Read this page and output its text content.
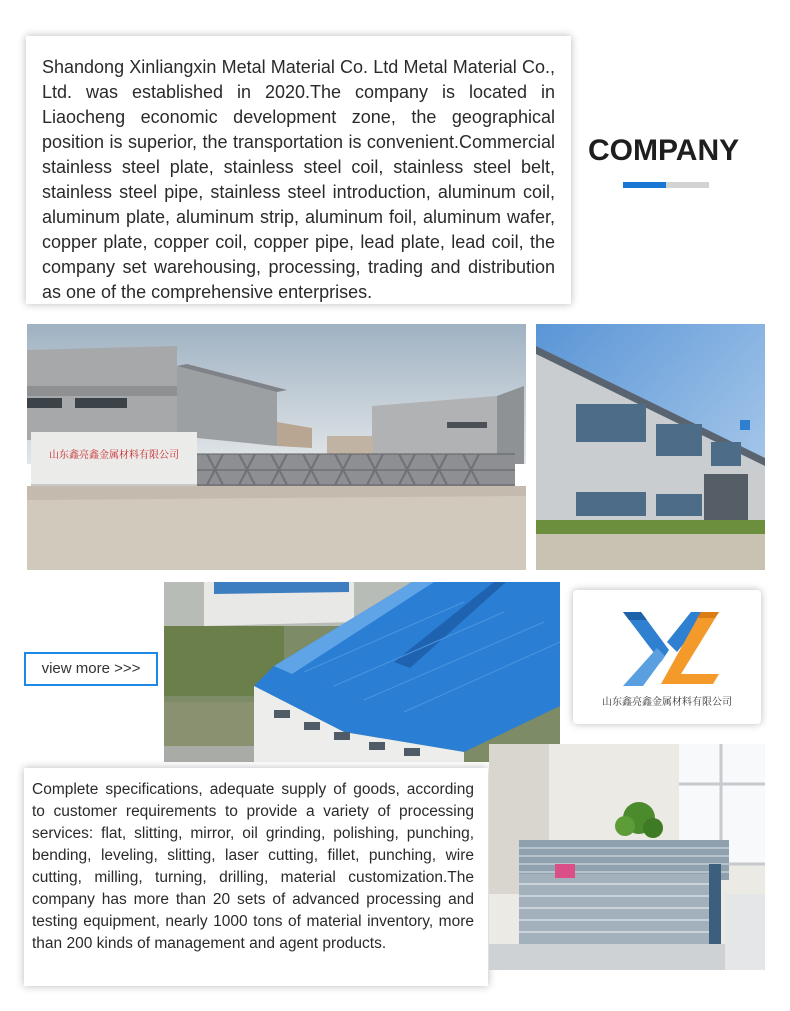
Shandong Xinliangxin Metal Material Co. Ltd Metal Material Co., Ltd. was established in 2020.The company is located in Liaocheng economic development zone, the geographical position is superior, the transportation is convenient.Commercial stainless steel plate, stainless steel coil, stainless steel belt, stainless steel pipe, stainless steel introduction, aluminum coil, aluminum plate, aluminum strip, aluminum foil, aluminum wafer, copper plate, copper coil, copper pipe, lead plate, lead coil, the company set warehousing, processing, trading and distribution as one of the comprehensive enterprises.

COMPANY
山东鑫亮鑫金属材料有限公司
view more >>>
山东鑫亮鑫金属材料有限公司

Complete specifications, adequate supply of goods, according to customer requirements to provide a variety of processing services: flat, slitting, mirror, oil grinding, polishing, punching, bending, leveling, slitting, laser cutting, fillet, punching, wire cutting, milling, turning, drilling, material customization.The company has more than 20 sets of advanced processing and testing equipment, nearly 1000 tons of material inventory, more than 200 kinds of management and agent products.
